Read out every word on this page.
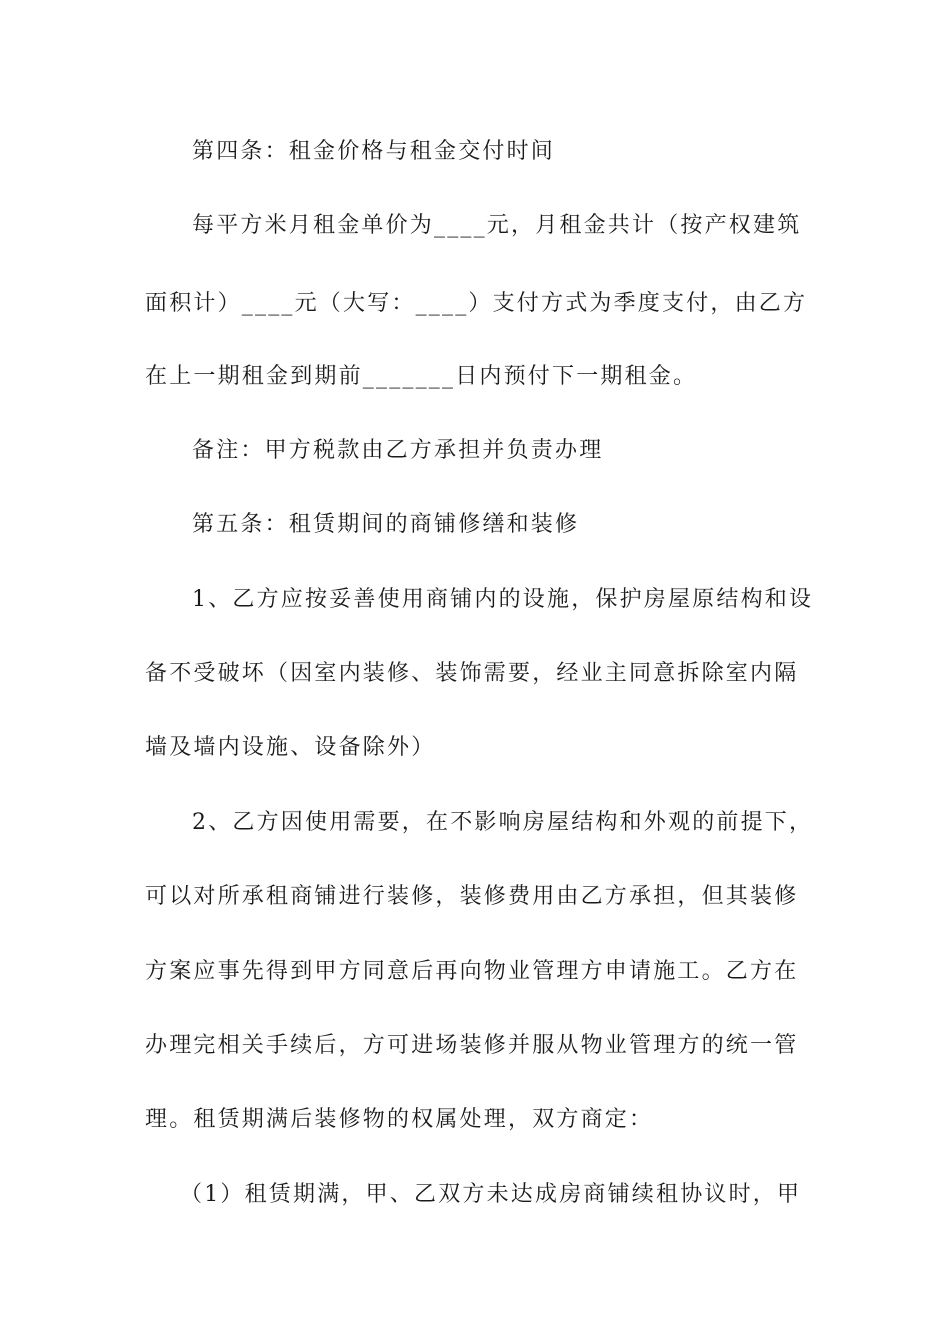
第四条：租金价格与租金交付时间
每平方米月租金单价为____元，月租金共计（按产权建筑
面积计）____元（大写：____）支付方式为季度支付，由乙方
在上一期租金到期前_______日内预付下一期租金。
备注：甲方税款由乙方承担并负责办理
第五条：租赁期间的商铺修缮和装修
1、乙方应按妥善使用商铺内的设施，保护房屋原结构和设
备不受破坏（因室内装修、装饰需要，经业主同意拆除室内隔
墙及墙内设施、设备除外）
2、乙方因使用需要，在不影响房屋结构和外观的前提下，
可以对所承租商铺进行装修，装修费用由乙方承担，但其装修
方案应事先得到甲方同意后再向物业管理方申请施工。乙方在
办理完相关手续后，方可进场装修并服从物业管理方的统一管
理。租赁期满后装修物的权属处理，双方商定：
（1）租赁期满，甲、乙双方未达成房商铺续租协议时，甲
